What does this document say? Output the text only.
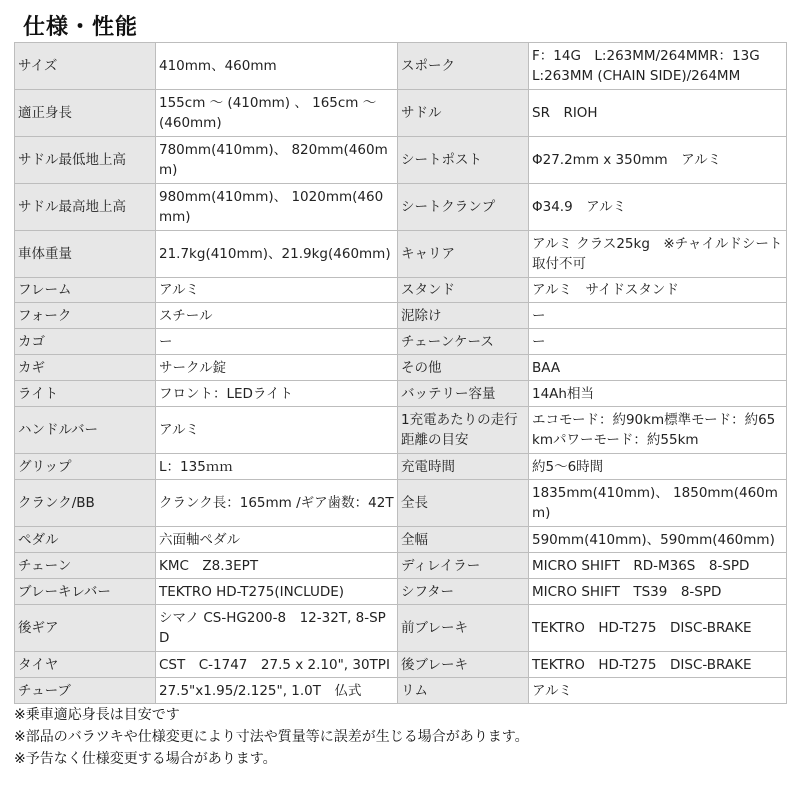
仕様・性能
サイズ	410mm、460mm	スポーク	F：14G　L:263MM/264MMR：13G　L:263MM (CHAIN SIDE)/264MM
適正身長	155cm 〜 (410mm) 、 165cm 〜 (460mm)	サドル	SR　RIOH
サドル最低地上高	780mm(410mm)、 820mm(460mm)	シートポスト	Φ27.2mm x 350mm　アルミ
サドル最高地上高	980mm(410mm)、 1020mm(460mm)	シートクランプ	Φ34.9　アルミ
車体重量	21.7kg(410mm)、21.9kg(460mm)	キャリア	アルミ クラス25kg　※チャイルドシート取付不可
フレーム	アルミ	スタンド	アルミ　サイドスタンド
フォーク	スチール	泥除け	ー
カゴ	ー	チェーンケース	ー
カギ	サークル錠	その他	BAA
ライト	フロント：LEDライト	バッテリー容量	14Ah相当
ハンドルバー	アルミ	1充電あたりの走行距離の目安	エコモード：約90km標準モード：約65kmパワーモード：約55km
グリップ	L：135ｍｍ	充電時間	約5〜6時間
クランク/BB	クランク長：165mm /ギア歯数：42T	全長	1835mm(410mm)、 1850mm(460mm)
ペダル	六面軸ペダル	全幅	590mm(410mm)、590mm(460mm)
チェーン	KMC　Z8.3EPT	ディレイラー	MICRO SHIFT　RD-M36S　8-SPD
ブレーキレバー	TEKTRO HD-T275(INCLUDE)	シフター	MICRO SHIFT　TS39　8-SPD
後ギア	シマノ CS-HG200-8　12-32T, 8-SPD	前ブレーキ	TEKTRO　HD-T275　DISC-BRAKE
タイヤ	CST　C-1747　27.5 x 2.10", 30TPI	後ブレーキ	TEKTRO　HD-T275　DISC-BRAKE
チューブ	27.5"x1.95/2.125", 1.0T　仏式	リム	アルミ
※乗車適応身長は目安です
※部品のバラツキや仕様変更により寸法や質量等に誤差が生じる場合があります。
※予告なく仕様変更する場合があります。
